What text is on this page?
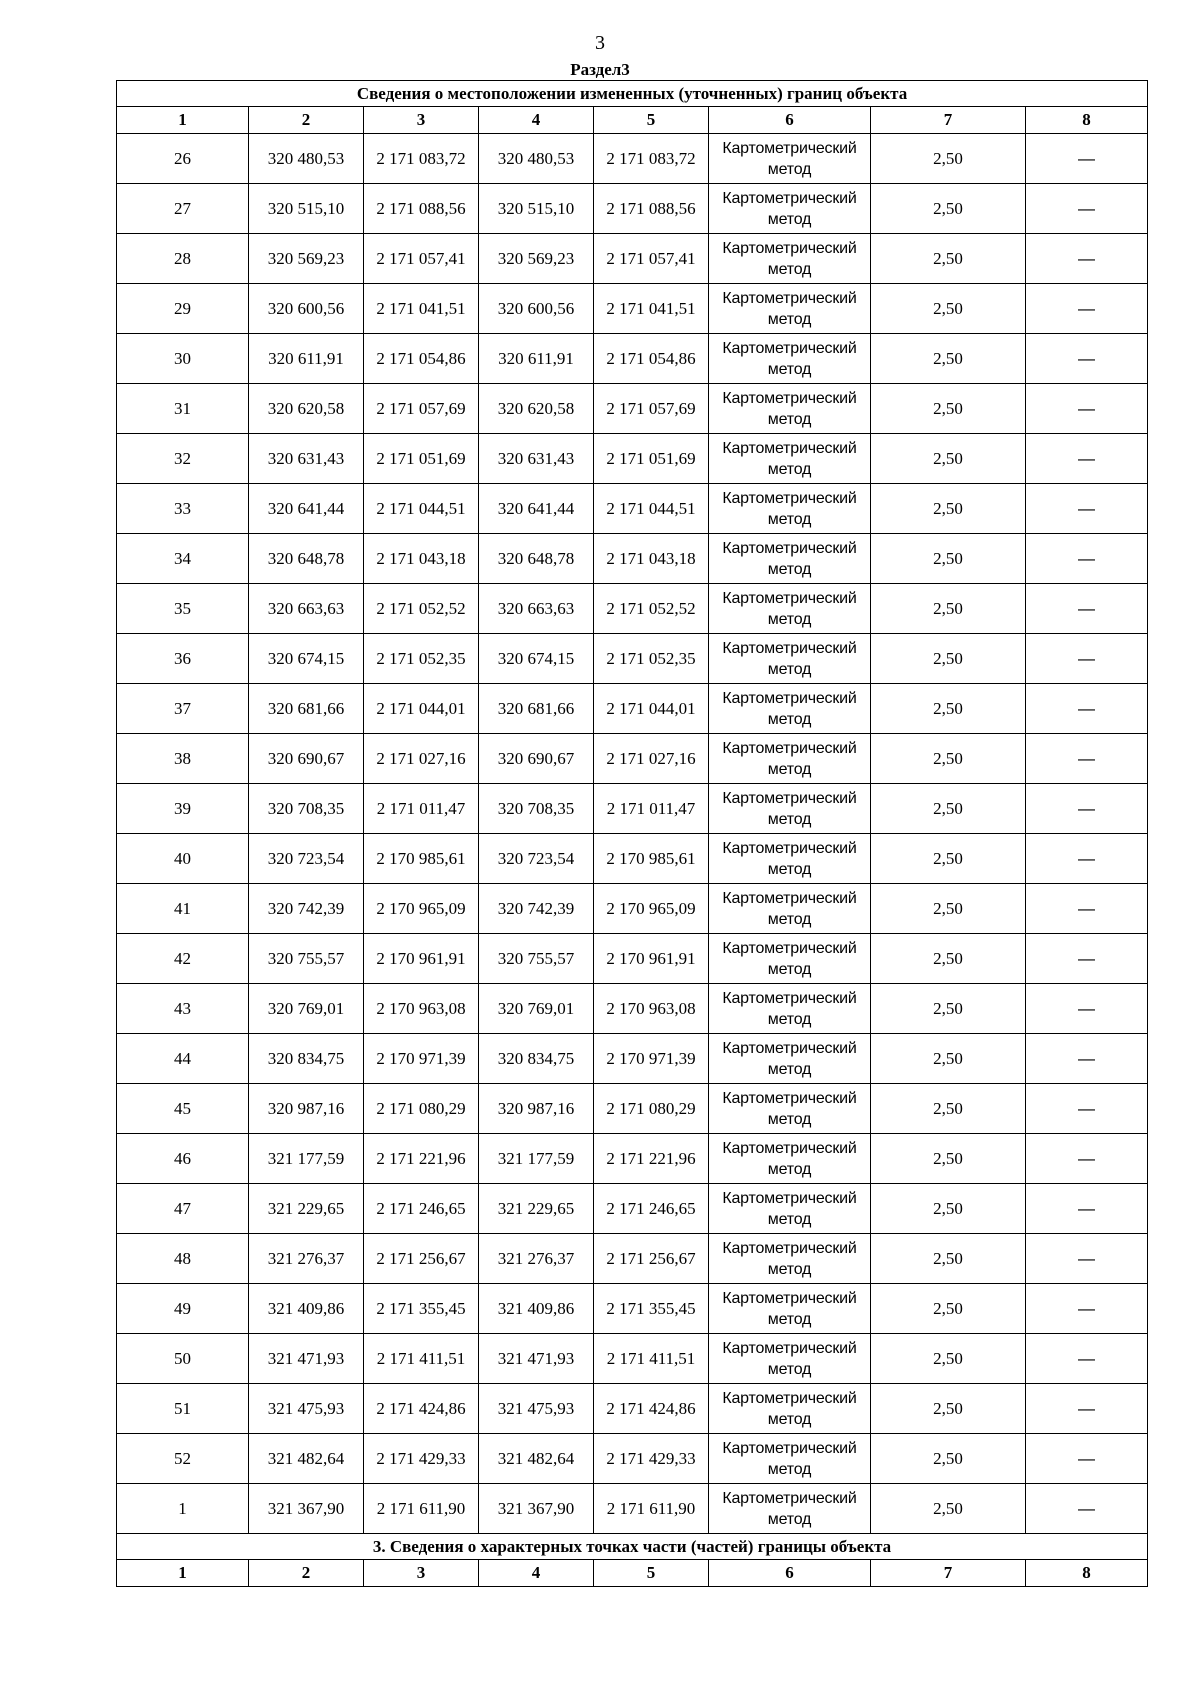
3
Раздел3
Сведения о местоположении измененных (уточненных) границ объекта							
1	2	3	4	5	6	7	8
26	320 480,53	2 171 083,72	320 480,53	2 171 083,72	Картометрический метод	2,50	—
27	320 515,10	2 171 088,56	320 515,10	2 171 088,56	Картометрический метод	2,50	—
28	320 569,23	2 171 057,41	320 569,23	2 171 057,41	Картометрический метод	2,50	—
29	320 600,56	2 171 041,51	320 600,56	2 171 041,51	Картометрический метод	2,50	—
30	320 611,91	2 171 054,86	320 611,91	2 171 054,86	Картометрический метод	2,50	—
31	320 620,58	2 171 057,69	320 620,58	2 171 057,69	Картометрический метод	2,50	—
32	320 631,43	2 171 051,69	320 631,43	2 171 051,69	Картометрический метод	2,50	—
33	320 641,44	2 171 044,51	320 641,44	2 171 044,51	Картометрический метод	2,50	—
34	320 648,78	2 171 043,18	320 648,78	2 171 043,18	Картометрический метод	2,50	—
35	320 663,63	2 171 052,52	320 663,63	2 171 052,52	Картометрический метод	2,50	—
36	320 674,15	2 171 052,35	320 674,15	2 171 052,35	Картометрический метод	2,50	—
37	320 681,66	2 171 044,01	320 681,66	2 171 044,01	Картометрический метод	2,50	—
38	320 690,67	2 171 027,16	320 690,67	2 171 027,16	Картометрический метод	2,50	—
39	320 708,35	2 171 011,47	320 708,35	2 171 011,47	Картометрический метод	2,50	—
40	320 723,54	2 170 985,61	320 723,54	2 170 985,61	Картометрический метод	2,50	—
41	320 742,39	2 170 965,09	320 742,39	2 170 965,09	Картометрический метод	2,50	—
42	320 755,57	2 170 961,91	320 755,57	2 170 961,91	Картометрический метод	2,50	—
43	320 769,01	2 170 963,08	320 769,01	2 170 963,08	Картометрический метод	2,50	—
44	320 834,75	2 170 971,39	320 834,75	2 170 971,39	Картометрический метод	2,50	—
45	320 987,16	2 171 080,29	320 987,16	2 171 080,29	Картометрический метод	2,50	—
46	321 177,59	2 171 221,96	321 177,59	2 171 221,96	Картометрический метод	2,50	—
47	321 229,65	2 171 246,65	321 229,65	2 171 246,65	Картометрический метод	2,50	—
48	321 276,37	2 171 256,67	321 276,37	2 171 256,67	Картометрический метод	2,50	—
49	321 409,86	2 171 355,45	321 409,86	2 171 355,45	Картометрический метод	2,50	—
50	321 471,93	2 171 411,51	321 471,93	2 171 411,51	Картометрический метод	2,50	—
51	321 475,93	2 171 424,86	321 475,93	2 171 424,86	Картометрический метод	2,50	—
52	321 482,64	2 171 429,33	321 482,64	2 171 429,33	Картометрический метод	2,50	—
1	321 367,90	2 171 611,90	321 367,90	2 171 611,90	Картометрический метод	2,50	—
3. Сведения о характерных точках части (частей) границы объекта							
1	2	3	4	5	6	7	8
